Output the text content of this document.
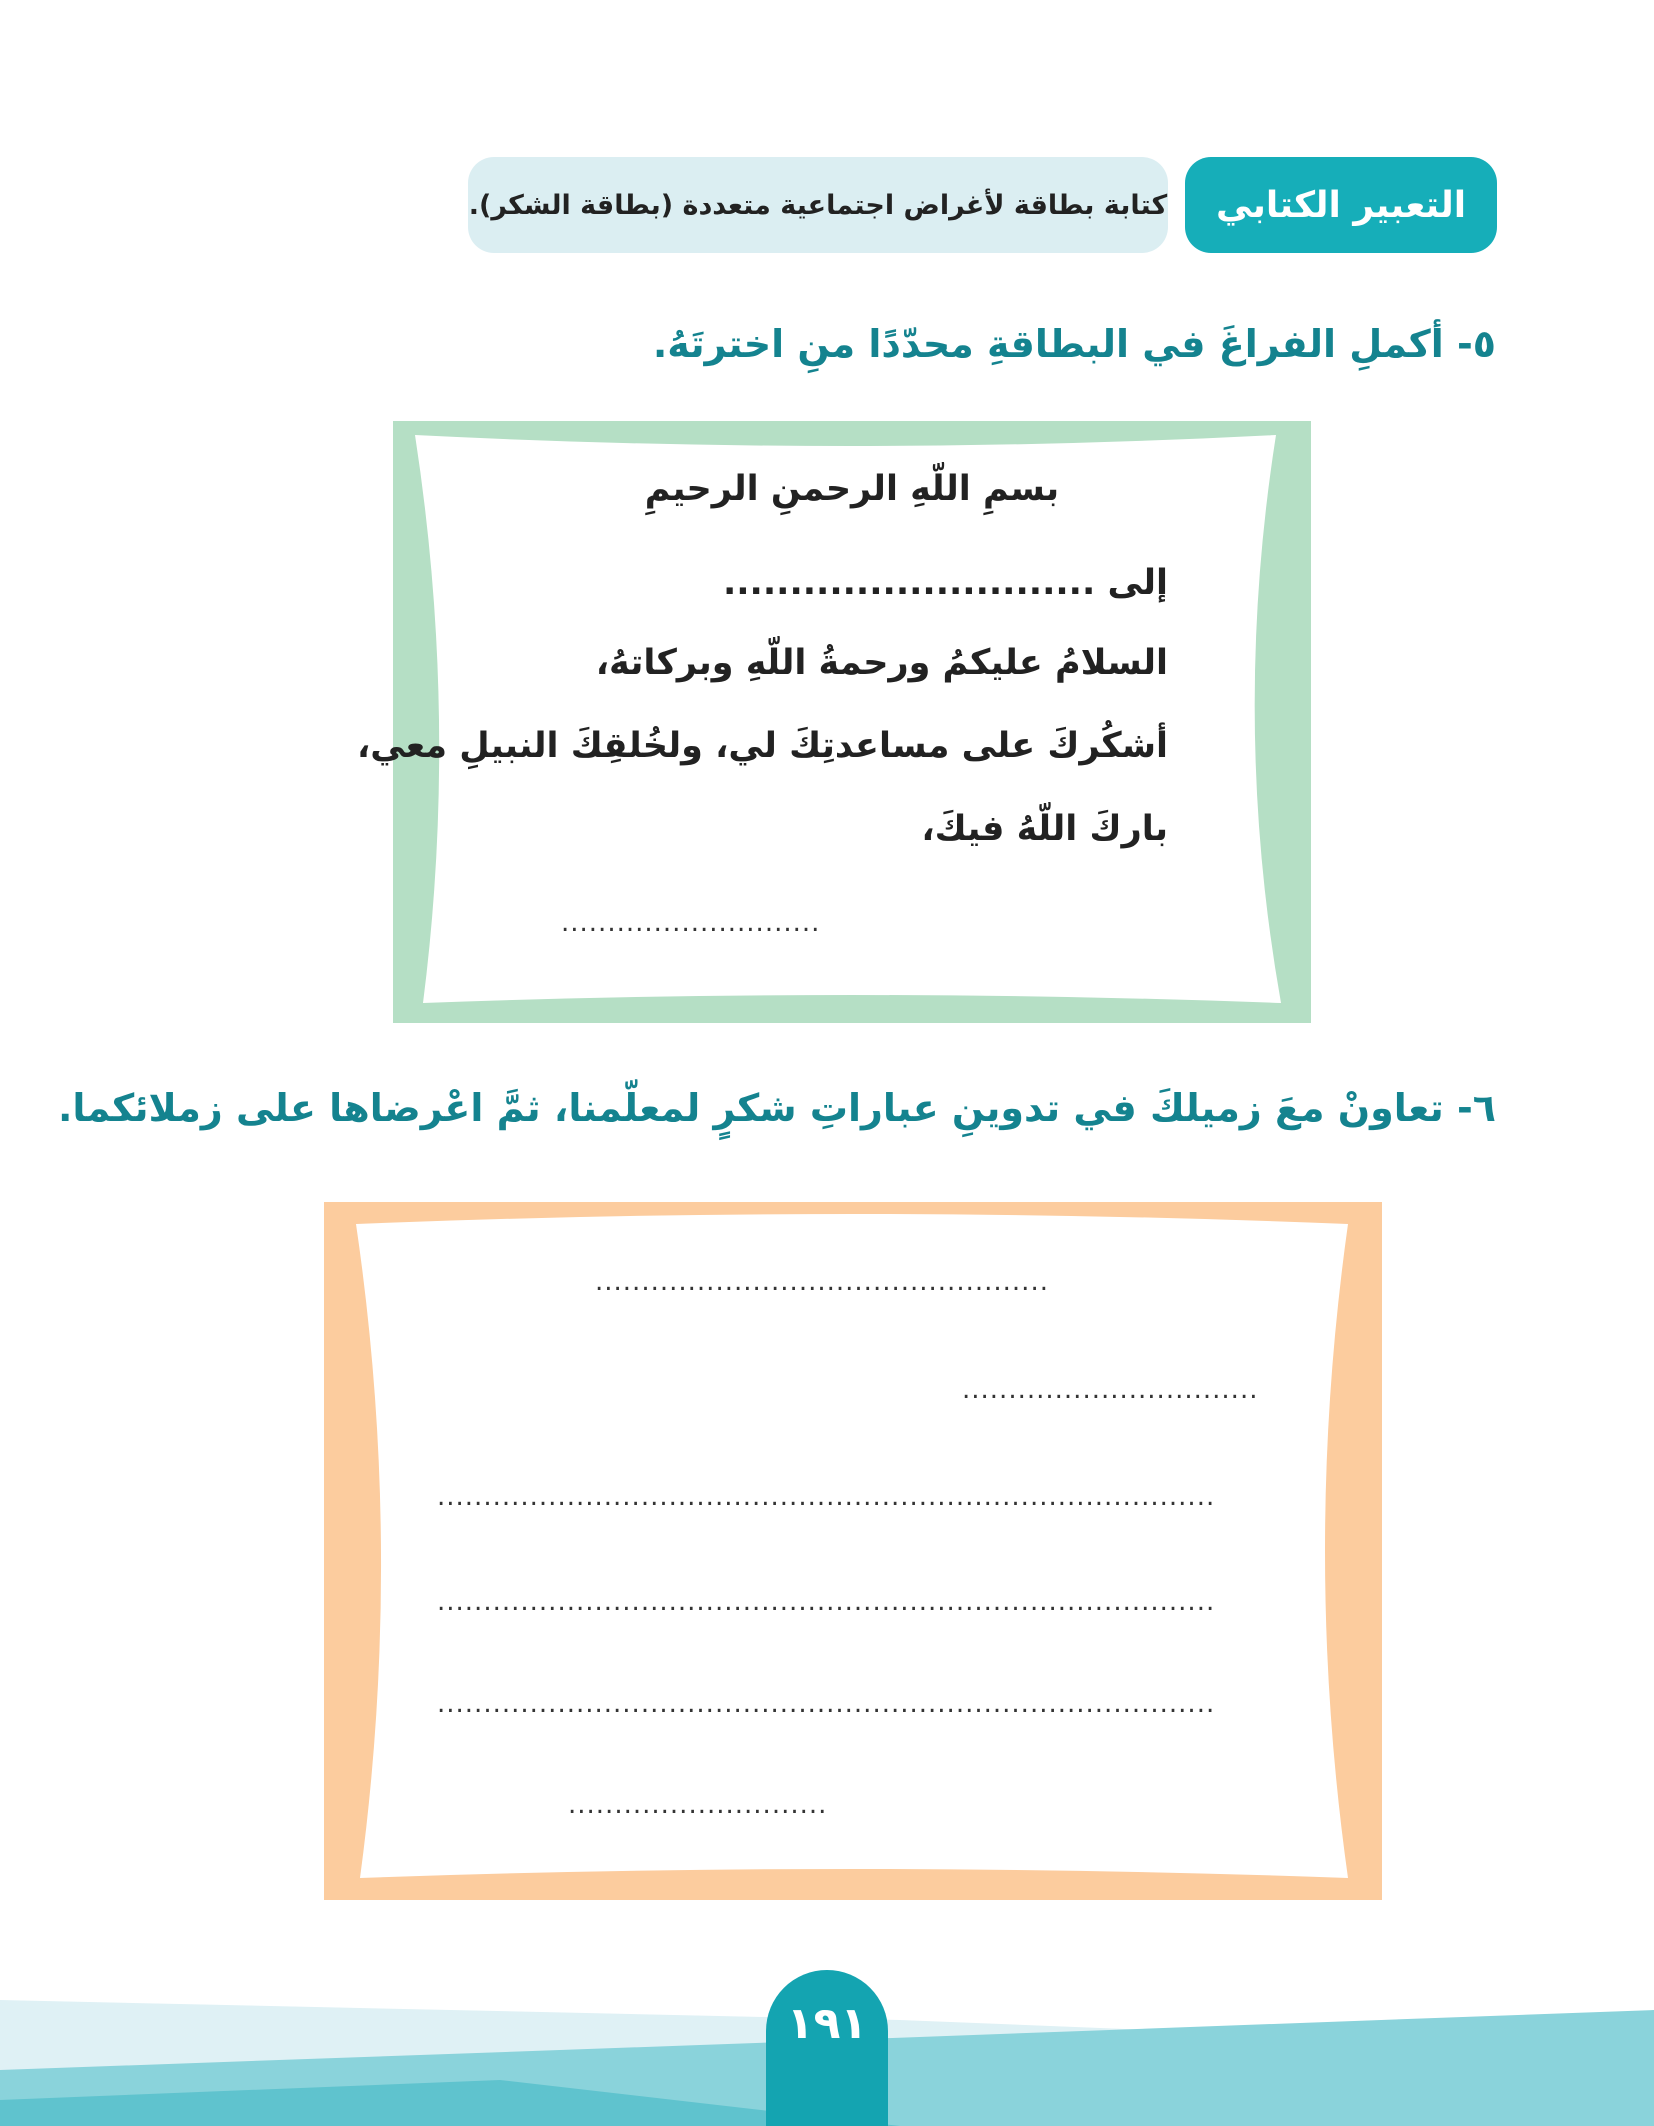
التعبير الكتابي
كتابة بطاقة لأغراض اجتماعية متعددة (بطاقة الشكر).
٥- أكملِ الفراغَ في البطاقةِ محدّدًا منِ اخترتَهُ.
بسمِ اللّهِ الرحمنِ الرحيمِ
إلى ............................
السلامُ عليكمُ ورحمةُ اللّهِ وبركاتهُ،
أشكُركَ على مساعدتِكَ لي، ولخُلقِكَ النبيلِ معي،
باركَ اللّهُ فيكَ،
............................
٦- تعاونْ معَ زميلكَ في تدوينِ عباراتِ شكرٍ لمعلّمنا، ثمَّ اعْرضاها على زملائكما.
.................................................
................................
....................................................................................
....................................................................................
....................................................................................
............................
١٩١
